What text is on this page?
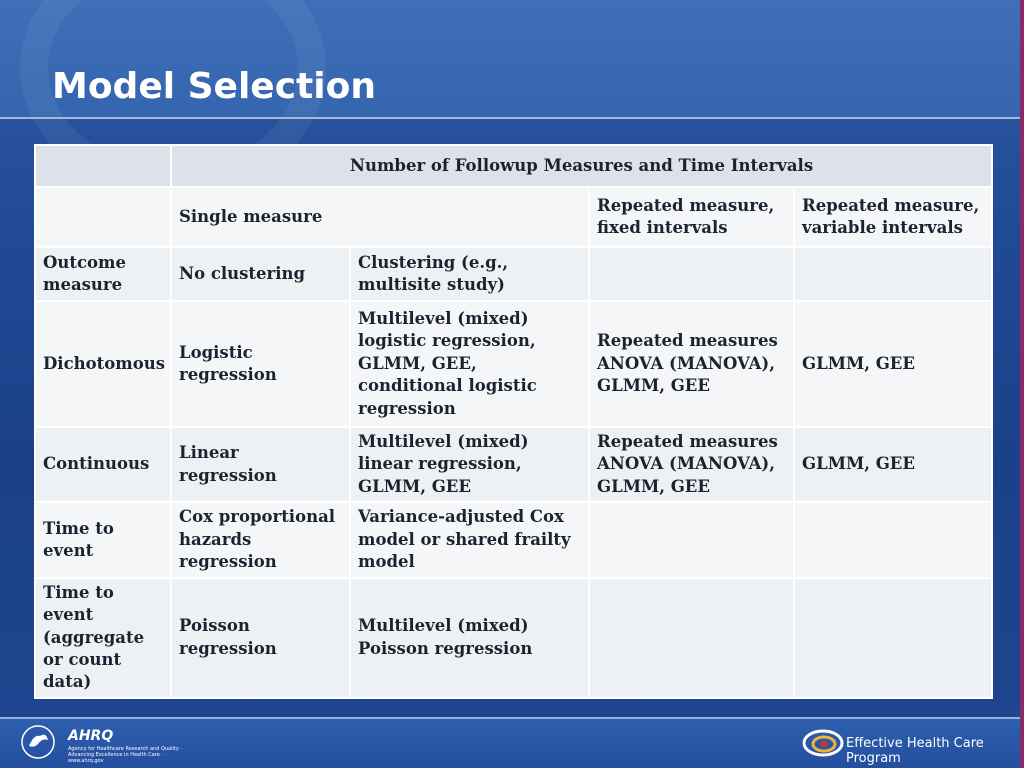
Model Selection
	Number of Followup Measures and Time Intervals			
	Single measure		Repeated measure, fixed intervals	Repeated measure, variable intervals
Outcome measure	No clustering	Clustering (e.g., multisite study)		
Dichotomous	Logistic regression	Multilevel (mixed) logistic regression, GLMM, GEE, conditional logistic regression	Repeated measures ANOVA (MANOVA), GLMM, GEE	GLMM, GEE
Continuous	Linear regression	Multilevel (mixed) linear regression, GLMM, GEE	Repeated measures ANOVA (MANOVA), GLMM, GEE	GLMM, GEE
Time to event	Cox proportional hazards regression	Variance-adjusted Cox model or shared frailty model		
Time to event (aggregate or count data)	Poisson regression	Multilevel (mixed) Poisson regression		
AHRQ
Agency for Healthcare Research and Quality · Advancing Excellence in Health Care · www.ahrq.gov
Effective Health Care Program
